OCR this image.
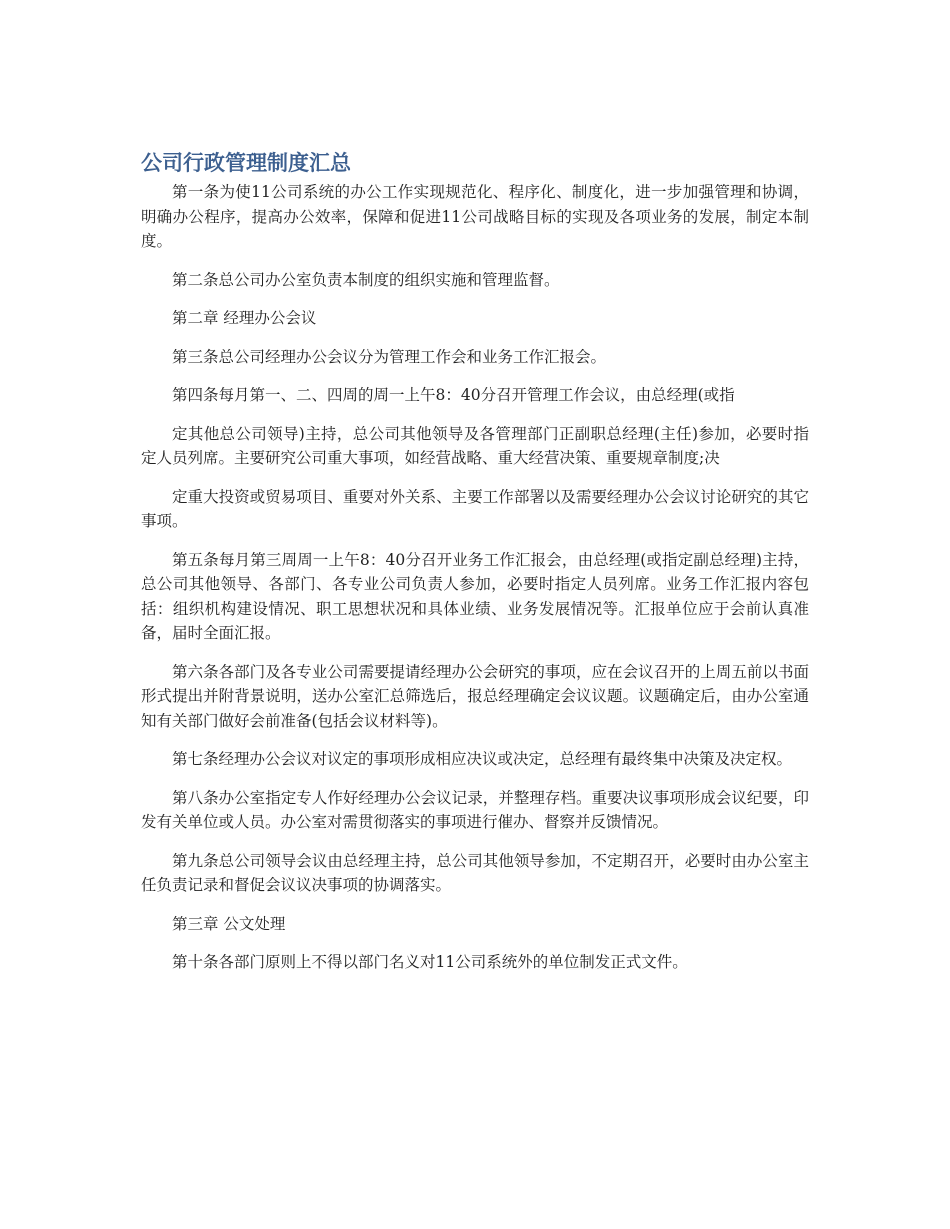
公司行政管理制度汇总

第一条为使11公司系统的办公工作实现规范化、程序化、制度化，进一步加强管理和协调，明确办公程序，提高办公效率，保障和促进11公司战略目标的实现及各项业务的发展，制定本制度。

第二条总公司办公室负责本制度的组织实施和管理监督。

第二章 经理办公会议

第三条总公司经理办公会议分为管理工作会和业务工作汇报会。

第四条每月第一、二、四周的周一上午8：40分召开管理工作会议，由总经理(或指

定其他总公司领导)主持，总公司其他领导及各管理部门正副职总经理(主任)参加，必要时指定人员列席。主要研究公司重大事项，如经营战略、重大经营决策、重要规章制度;决

定重大投资或贸易项目、重要对外关系、主要工作部署以及需要经理办公会议讨论研究的其它事项。

第五条每月第三周周一上午8：40分召开业务工作汇报会，由总经理(或指定副总经理)主持，总公司其他领导、各部门、各专业公司负责人参加，必要时指定人员列席。业务工作汇报内容包括：组织机构建设情况、职工思想状况和具体业绩、业务发展情况等。汇报单位应于会前认真准备，届时全面汇报。

第六条各部门及各专业公司需要提请经理办公会研究的事项，应在会议召开的上周五前以书面形式提出并附背景说明，送办公室汇总筛选后，报总经理确定会议议题。议题确定后，由办公室通知有关部门做好会前准备(包括会议材料等)。

第七条经理办公会议对议定的事项形成相应决议或决定，总经理有最终集中决策及决定权。

第八条办公室指定专人作好经理办公会议记录，并整理存档。重要决议事项形成会议纪要，印发有关单位或人员。办公室对需贯彻落实的事项进行催办、督察并反馈情况。

第九条总公司领导会议由总经理主持，总公司其他领导参加，不定期召开，必要时由办公室主任负责记录和督促会议议决事项的协调落实。

第三章 公文处理

第十条各部门原则上不得以部门名义对11公司系统外的单位制发正式文件。
